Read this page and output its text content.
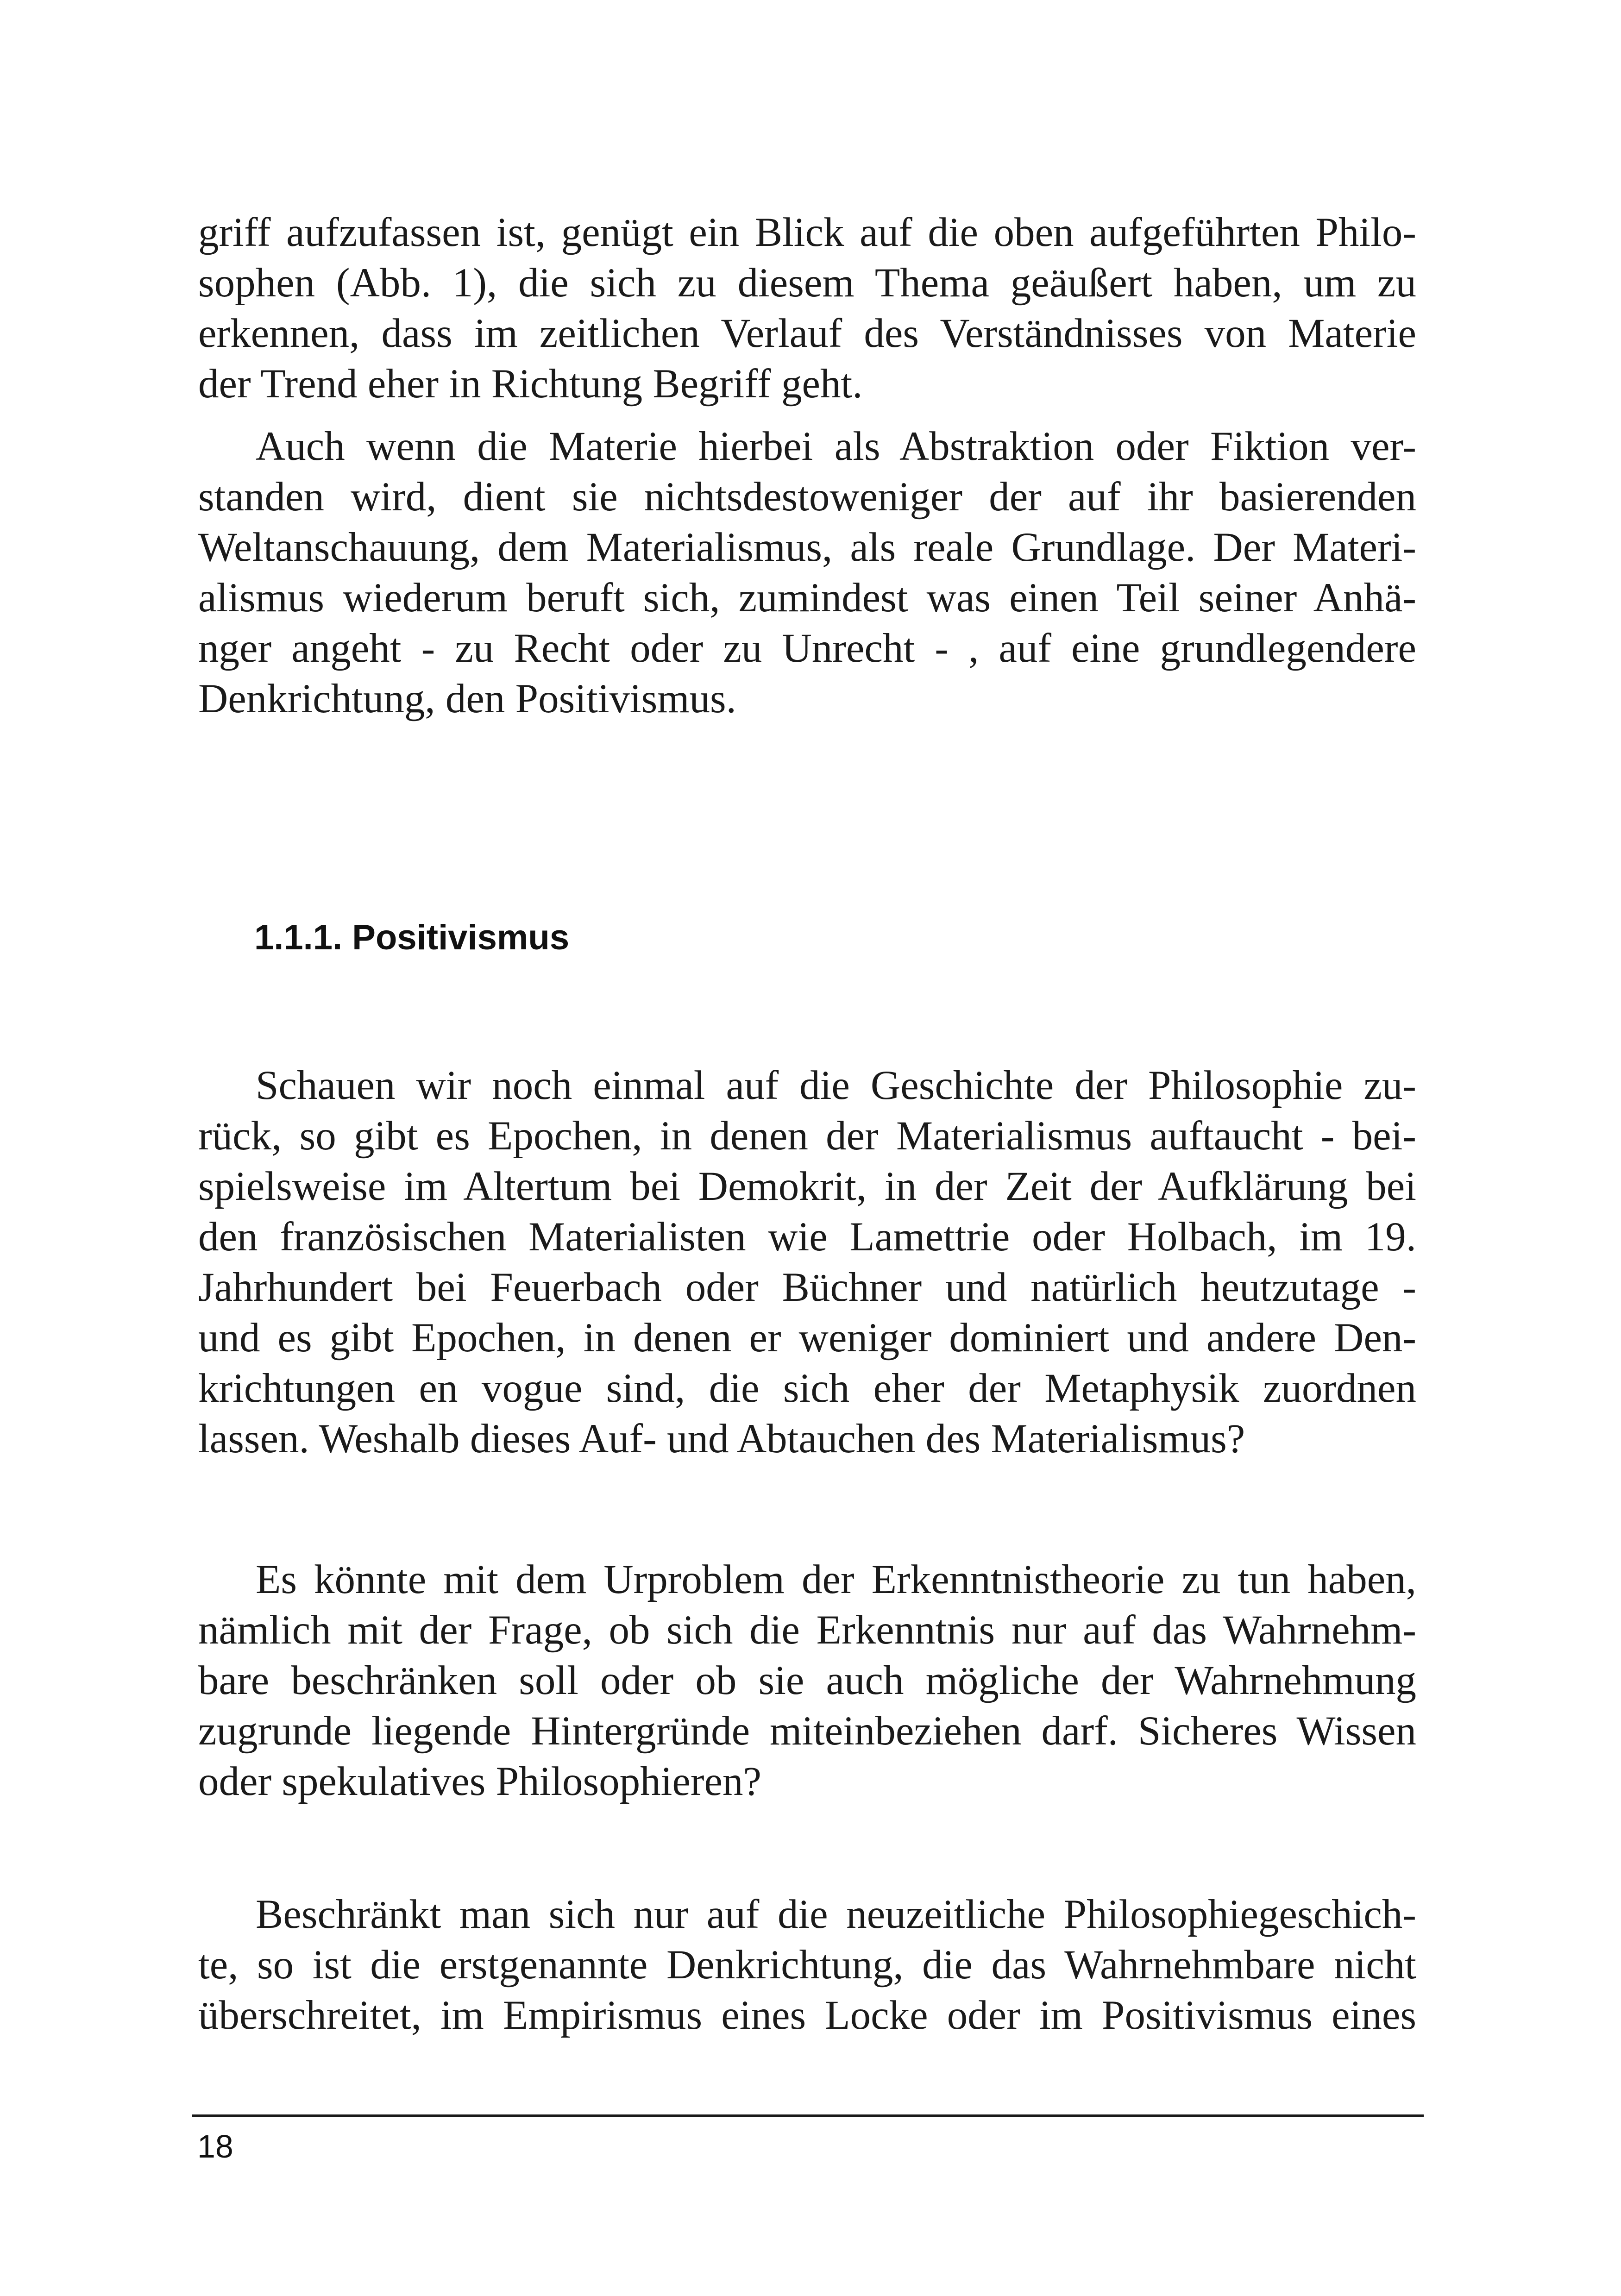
griff aufzufassen ist, genügt ein Blick auf die oben aufgeführten Philo-
sophen (Abb. 1), die sich zu diesem Thema geäußert haben, um zu
erkennen, dass im zeitlichen Verlauf des Verständnisses von Materie
der Trend eher in Richtung Begriff geht.
Auch wenn die Materie hierbei als Abstraktion oder Fiktion ver-
standen wird, dient sie nichtsdestoweniger der auf ihr basierenden
Weltanschauung, dem Materialismus, als reale Grundlage. Der Materi-
alismus wiederum beruft sich, zumindest was einen Teil seiner Anhä-
nger angeht - zu Recht oder zu Unrecht - , auf eine grundlegendere
Denkrichtung, den Positivismus.
1.1.1. Positivismus
Schauen wir noch einmal auf die Geschichte der Philosophie zu-
rück, so gibt es Epochen, in denen der Materialismus auftaucht - bei-
spielsweise im Altertum bei Demokrit, in der Zeit der Aufklärung bei
den französischen Materialisten wie Lamettrie oder Holbach, im 19.
Jahrhundert bei Feuerbach oder Büchner und natürlich heutzutage -
und es gibt Epochen, in denen er weniger dominiert und andere Den-
krichtungen en vogue sind, die sich eher der Metaphysik zuordnen
lassen. Weshalb dieses Auf- und Abtauchen des Materialismus?
Es könnte mit dem Urproblem der Erkenntnistheorie zu tun haben,
nämlich mit der Frage, ob sich die Erkenntnis nur auf das Wahrnehm-
bare beschränken soll oder ob sie auch mögliche der Wahrnehmung
zugrunde liegende Hintergründe miteinbeziehen darf. Sicheres Wissen
oder spekulatives Philosophieren?
Beschränkt man sich nur auf die neuzeitliche Philosophiegeschich-
te, so ist die erstgenannte Denkrichtung, die das Wahrnehmbare nicht
überschreitet, im Empirismus eines Locke oder im Positivismus eines
18
